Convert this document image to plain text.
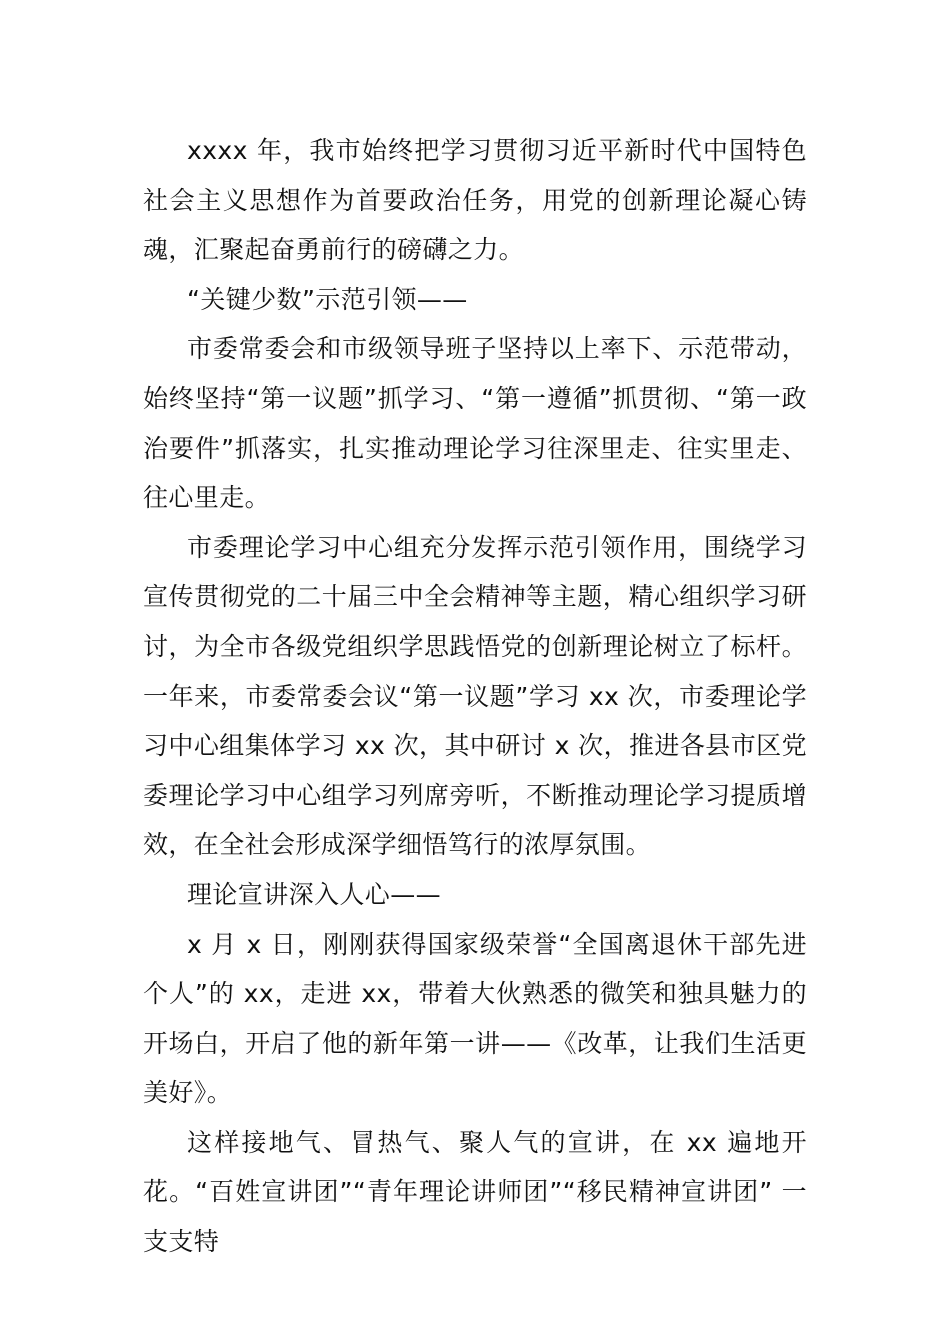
xxxx 年，我市始终把学习贯彻习近平新时代中国特色社会主义思想作为首要政治任务，用党的创新理论凝心铸魂，汇聚起奋勇前行的磅礴之力。

“关键少数”示范引领——

市委常委会和市级领导班子坚持以上率下、示范带动，始终坚持“第一议题”抓学习、“第一遵循”抓贯彻、“第一政治要件”抓落实，扎实推动理论学习往深里走、往实里走、往心里走。

市委理论学习中心组充分发挥示范引领作用，围绕学习宣传贯彻党的二十届三中全会精神等主题，精心组织学习研讨，为全市各级党组织学思践悟党的创新理论树立了标杆。一年来，市委常委会议“第一议题”学习 xx 次，市委理论学习中心组集体学习 xx 次，其中研讨 x 次，推进各县市区党委理论学习中心组学习列席旁听，不断推动理论学习提质增效，在全社会形成深学细悟笃行的浓厚氛围。

理论宣讲深入人心——

x 月 x 日，刚刚获得国家级荣誉“全国离退休干部先进个人”的 xx，走进 xx，带着大伙熟悉的微笑和独具魅力的开场白，开启了他的新年第一讲——《改革，让我们生活更美好》。

这样接地气、冒热气、聚人气的宣讲，在 xx 遍地开花。“百姓宣讲团”“青年理论讲师团”“移民精神宣讲团” 一支支特
